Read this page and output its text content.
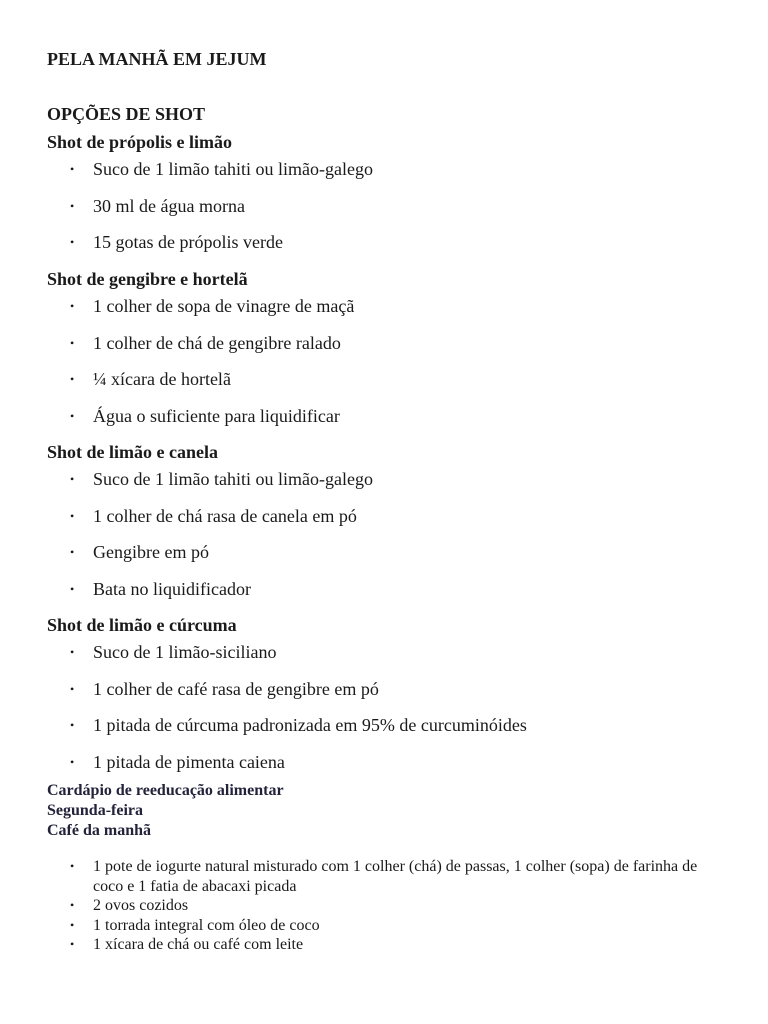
PELA MANHÃ EM JEJUM
OPÇÕES DE SHOT
Shot de própolis e limão
• Suco de 1 limão tahiti ou limão-galego
• 30 ml de água morna
• 15 gotas de própolis verde
Shot de gengibre e hortelã
• 1 colher de sopa de vinagre de maçã
• 1 colher de chá de gengibre ralado
• ¼ xícara de hortelã
• Água o suficiente para liquidificar
Shot de limão e canela
• Suco de 1 limão tahiti ou limão-galego
• 1 colher de chá rasa de canela em pó
• Gengibre em pó
• Bata no liquidificador
Shot de limão e cúrcuma
• Suco de 1 limão-siciliano
• 1 colher de café rasa de gengibre em pó
• 1 pitada de cúrcuma padronizada em 95% de curcuminóides
• 1 pitada de pimenta caiena
Cardápio de reeducação alimentar
Segunda-feira
Café da manhã
• 1 pote de iogurte natural misturado com 1 colher (chá) de passas, 1 colher (sopa) de farinha de coco e 1 fatia de abacaxi picada
• 2 ovos cozidos
• 1 torrada integral com óleo de coco
• 1 xícara de chá ou café com leite
